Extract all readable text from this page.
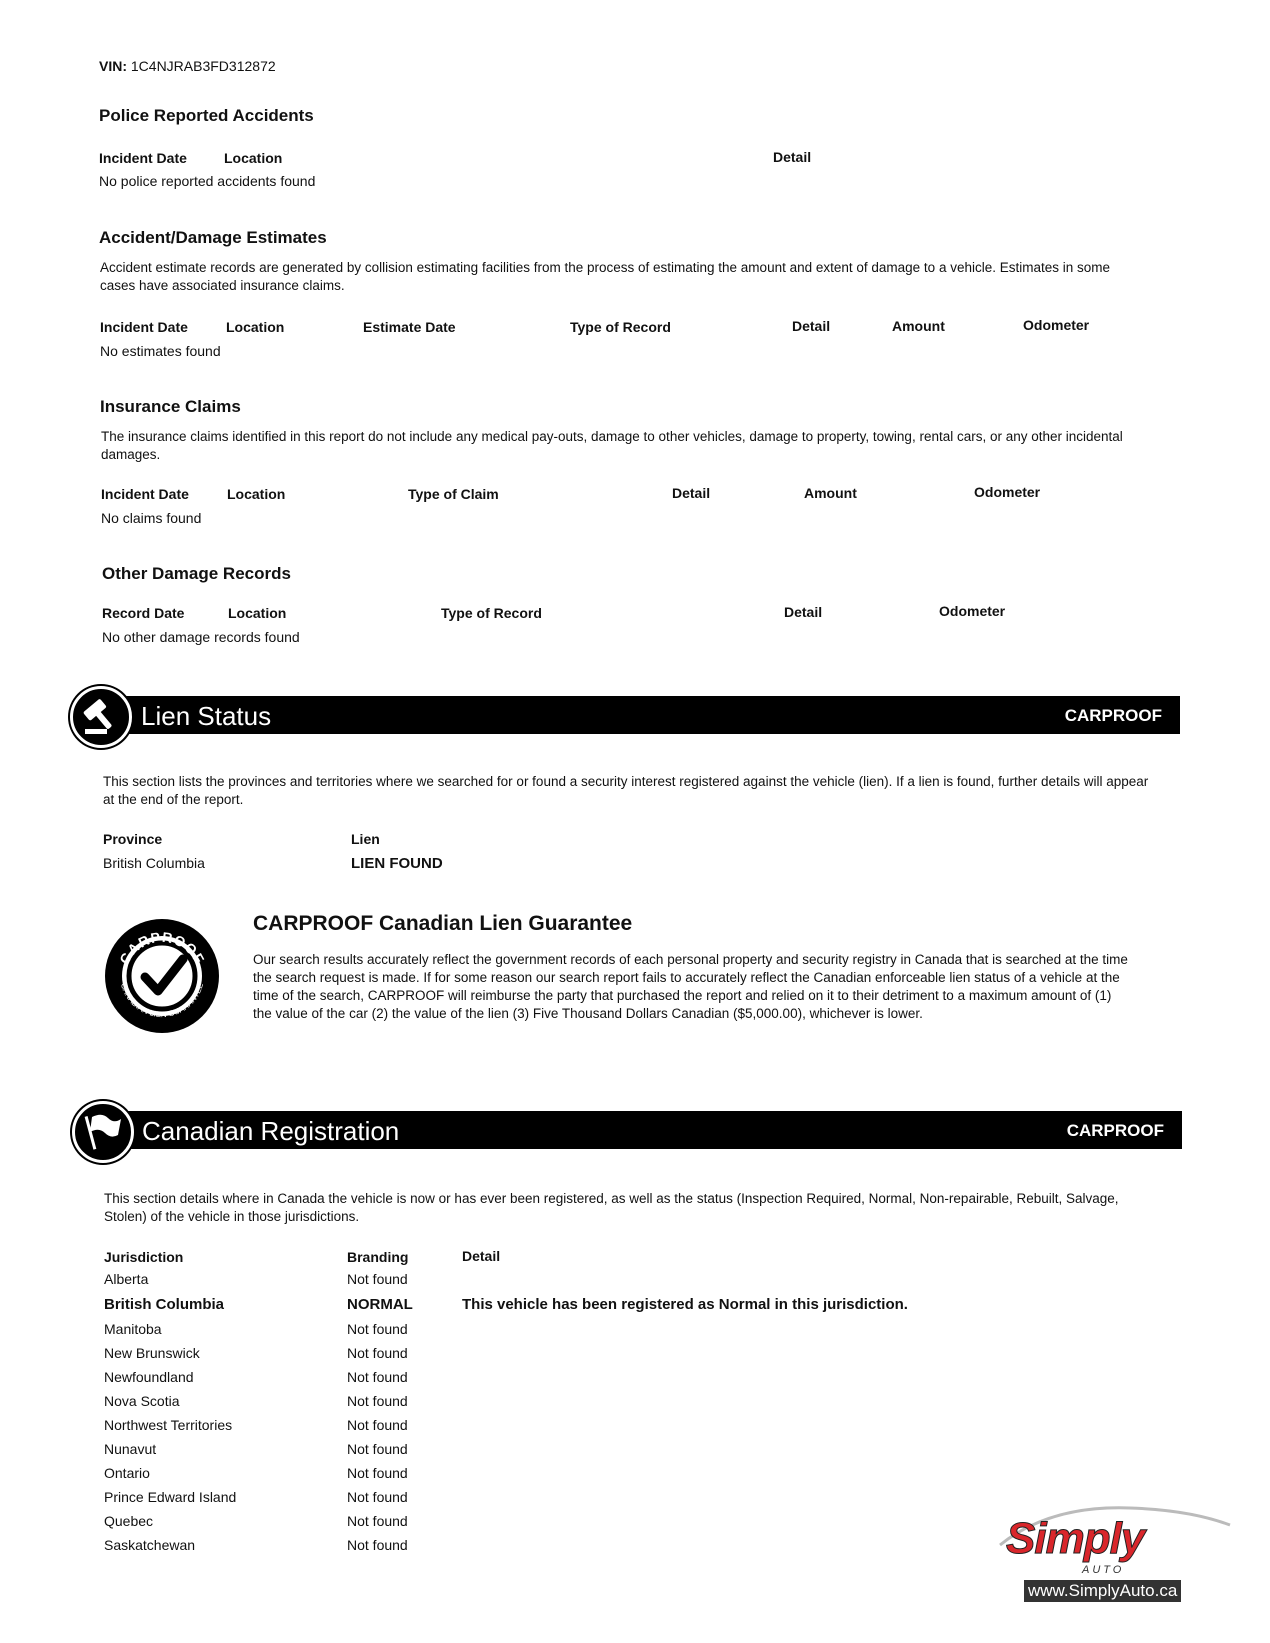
VIN: 1C4NJRAB3FD312872
Police Reported Accidents
Incident Date	Location	Detail
No police reported accidents found
Accident/Damage Estimates
Accident estimate records are generated by collision estimating facilities from the process of estimating the amount and extent of damage to a vehicle. Estimates in some cases have associated insurance claims.
Incident Date	Location	Estimate Date	Type of Record	Detail	Amount	Odometer
No estimates found
Insurance Claims
The insurance claims identified in this report do not include any medical pay-outs, damage to other vehicles, damage to property, towing, rental cars, or any other incidental damages.
Incident Date	Location	Type of Claim	Detail	Amount	Odometer
No claims found
Other Damage Records
Record Date	Location	Type of Record	Detail	Odometer
No other damage records found
Lien Status	CARPROOF
This section lists the provinces and territories where we searched for or found a security interest registered against the vehicle (lien). If a lien is found, further details will appear at the end of the report.
Province	Lien
British Columbia	LIEN FOUND
CARPROOF
CANADIAN LIEN GUARANTEE
CARPROOF Canadian Lien Guarantee
Our search results accurately reflect the government records of each personal property and security registry in Canada that is searched at the time the search request is made. If for some reason our search report fails to accurately reflect the Canadian enforceable lien status of a vehicle at the time of the search, CARPROOF will reimburse the party that purchased the report and relied on it to their detriment to a maximum amount of (1) the value of the car (2) the value of the lien (3) Five Thousand Dollars Canadian ($5,000.00), whichever is lower.
Canadian Registration	CARPROOF
This section details where in Canada the vehicle is now or has ever been registered, as well as the status (Inspection Required, Normal, Non-repairable, Rebuilt, Salvage, Stolen) of the vehicle in those jurisdictions.
Jurisdiction	Branding	Detail
Alberta	Not found
British Columbia	NORMAL	This vehicle has been registered as Normal in this jurisdiction.
Manitoba	Not found
New Brunswick	Not found
Newfoundland	Not found
Nova Scotia	Not found
Northwest Territories	Not found
Nunavut	Not found
Ontario	Not found
Prince Edward Island	Not found
Quebec	Not found
Saskatchewan	Not found	Simply
AUTO
www.SimplyAuto.ca
